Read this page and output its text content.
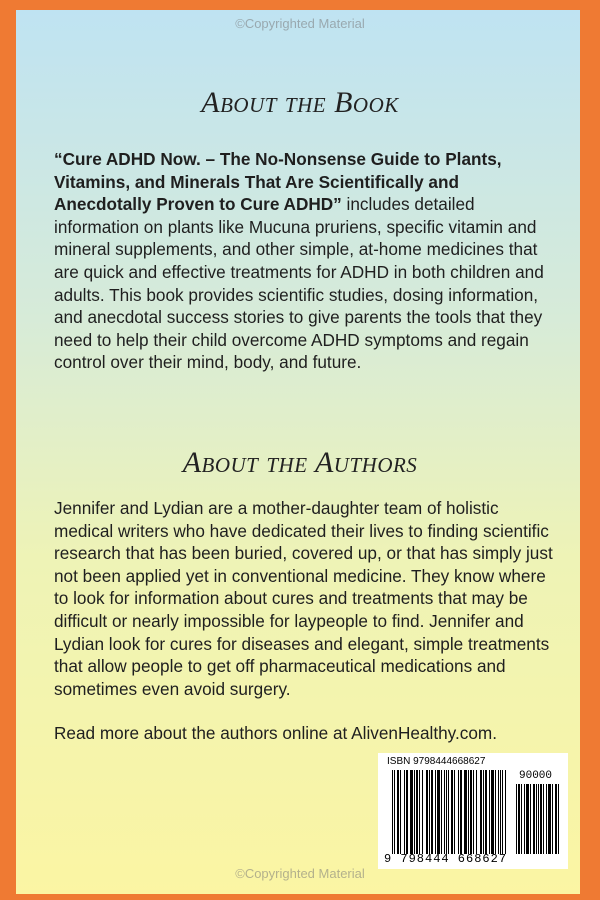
©Copyrighted Material
About the Book
“Cure ADHD Now. – The No-Nonsense Guide to Plants, Vitamins, and Minerals That Are Scientifically and Anecdotally Proven to Cure ADHD” includes detailed information on plants like Mucuna pruriens, specific vitamin and mineral supplements, and other simple, at-home medicines that are quick and effective treatments for ADHD in both children and adults. This book provides scientific studies, dosing information, and anecdotal success stories to give parents the tools that they need to help their child overcome ADHD symptoms and regain control over their mind, body, and future.
About the Authors
Jennifer and Lydian are a mother-daughter team of holistic medical writers who have dedicated their lives to finding scientific research that has been buried, covered up, or that has simply just not been applied yet in conventional medicine. They know where to look for information about cures and treatments that may be difficult or nearly impossible for laypeople to find. Jennifer and Lydian look for cures for diseases and elegant, simple treatments that allow people to get off pharmaceutical medications and sometimes even avoid surgery.
Read more about the authors online at AlivenHealthy.com.
ISBN 9798444668627
90000
9 798444 668627
©Copyrighted Material
